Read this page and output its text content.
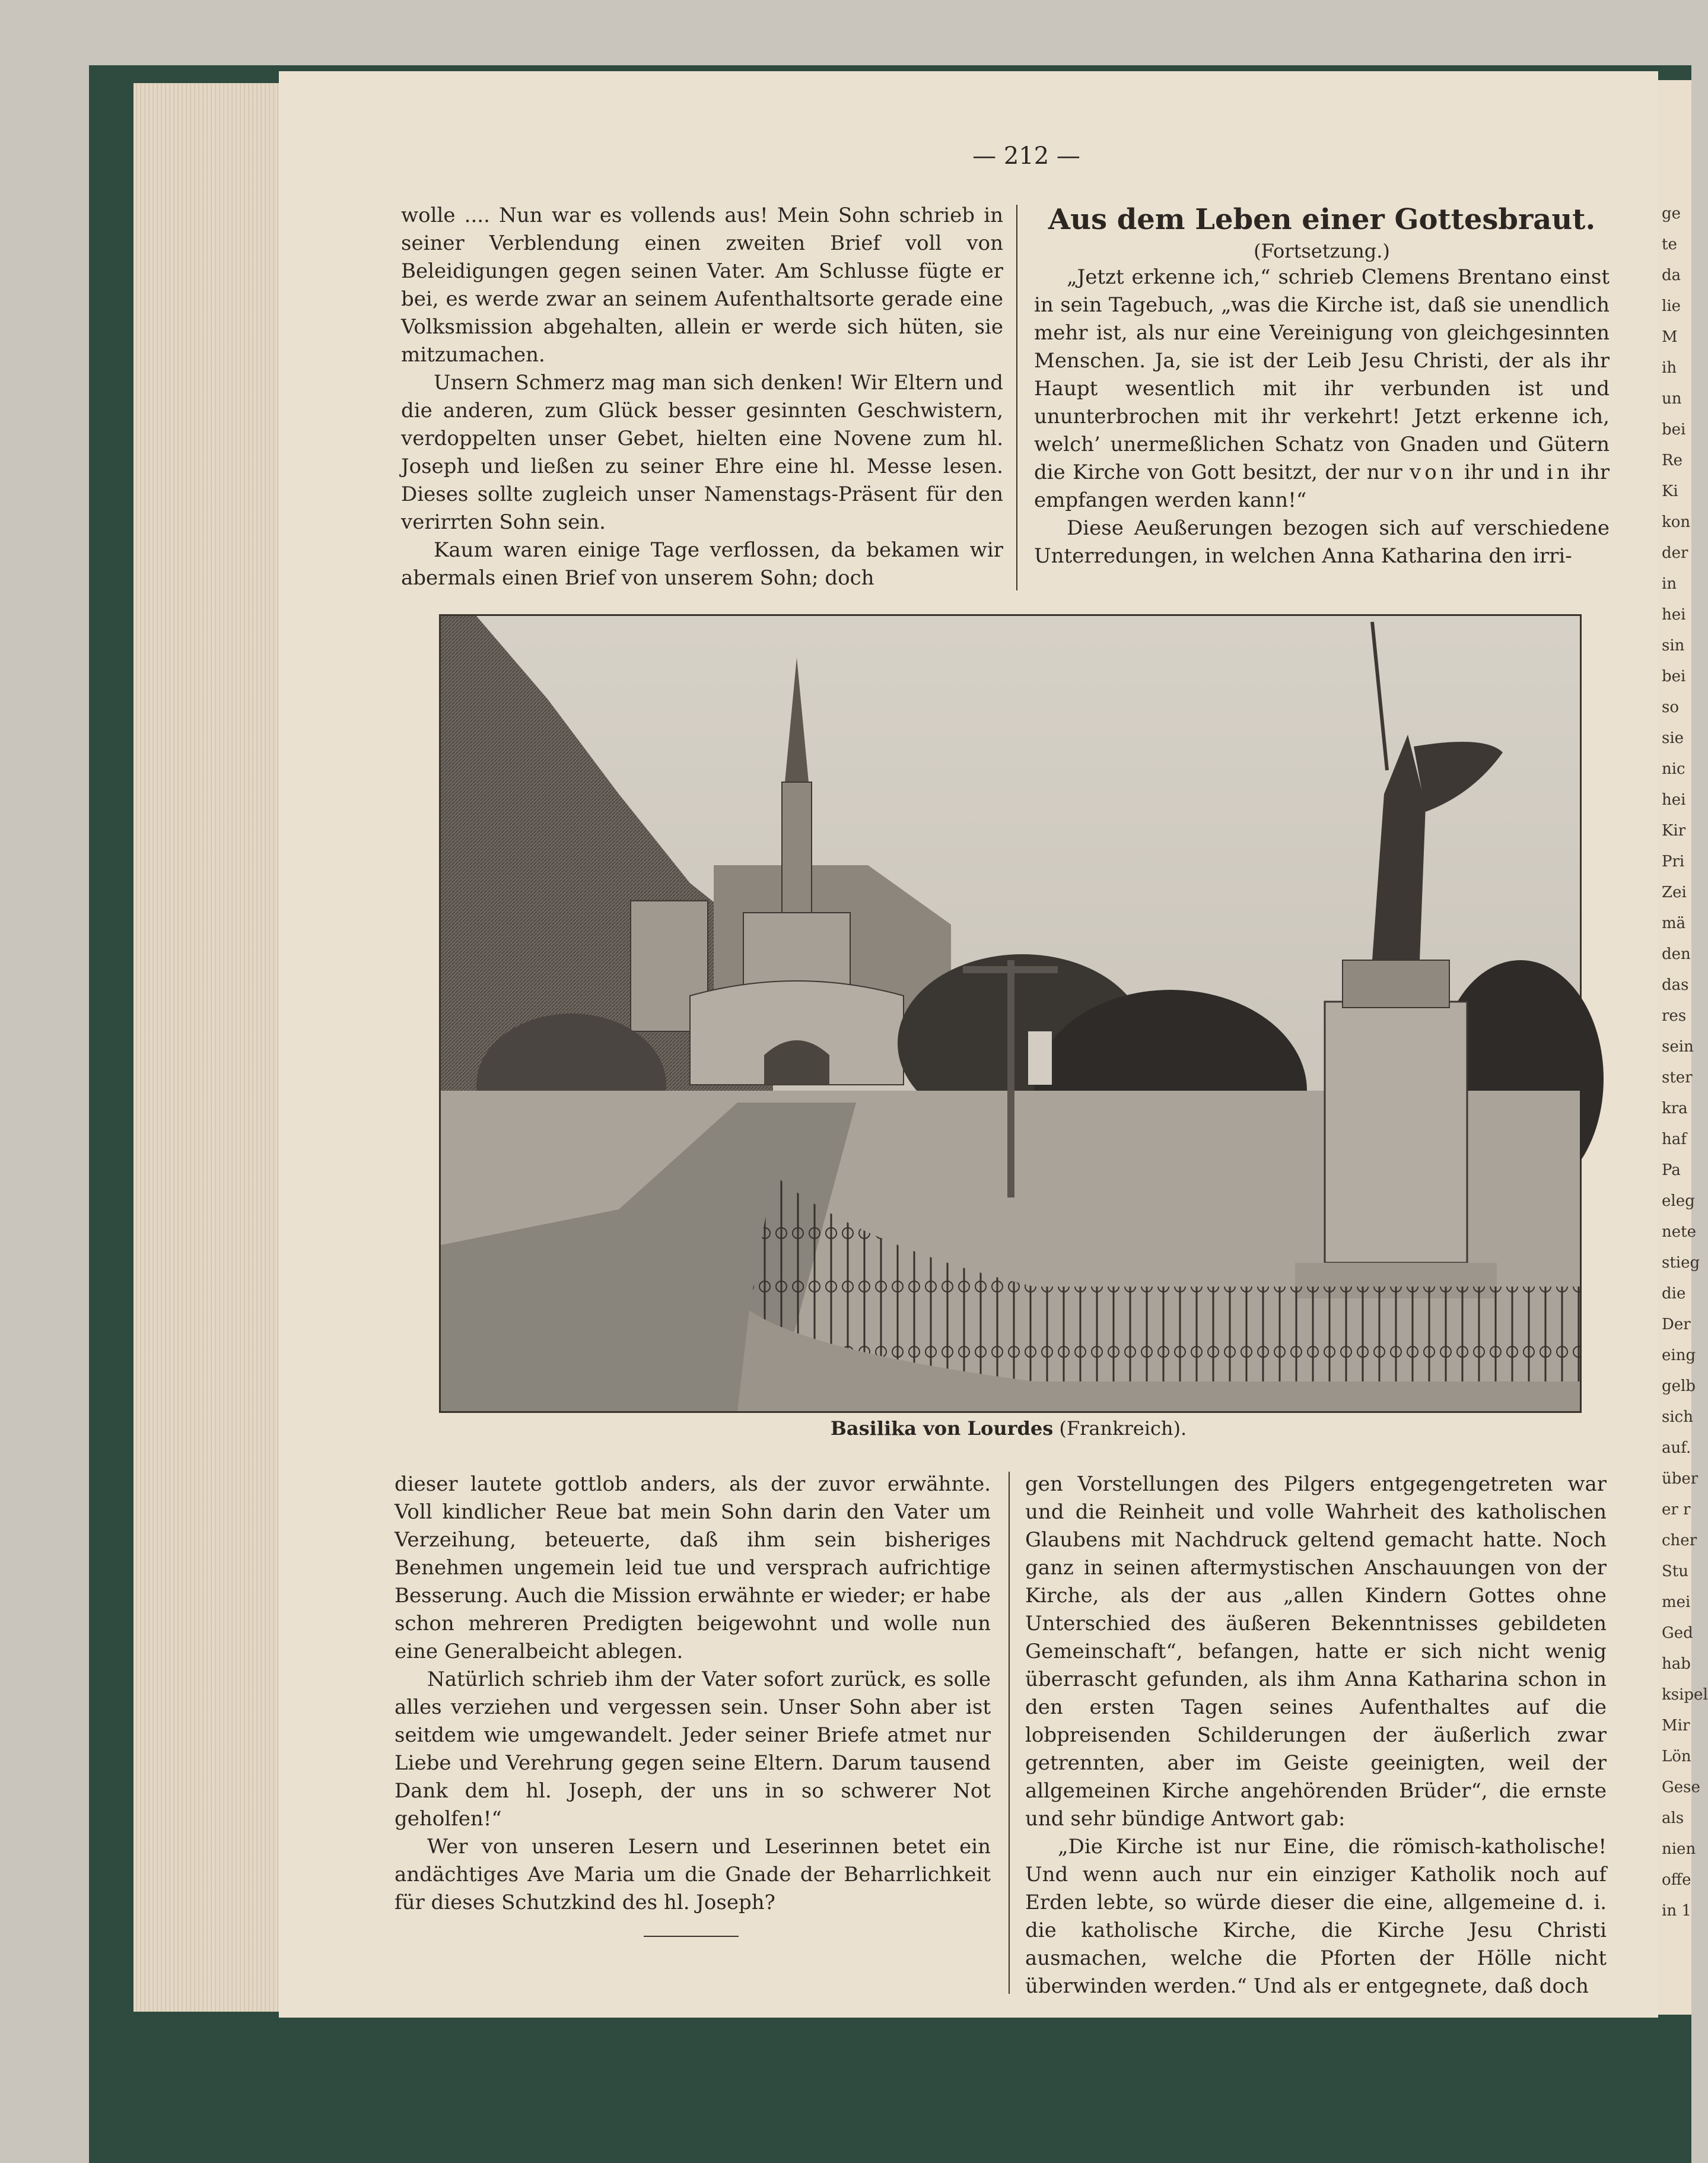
ge
te
da
lie
M
ih
un
bei
Re
Ki
kon
der
in
hei
sin
bei
so
sie
nic
hei
Kir
Pri
Zei
mä
den
das
res
sein
ster
kra
haf
Pa
eleg
nete
stieg
die
Der
eing
gelb
sich
auf.
über
er r
cher
Stu
mei
Ged
hab
ksipel
Mir
Lön
Gese
als
nien
offe
in 1
— 212 —

wolle .... Nun war es vollends aus! Mein Sohn schrieb in seiner Verblendung einen zweiten Brief voll von Beleidigungen gegen seinen Vater. Am Schlusse fügte er bei, es werde zwar an seinem Aufenthaltsorte gerade eine Volksmission abgehalten, allein er werde sich hüten, sie mitzumachen.

Unsern Schmerz mag man sich denken! Wir Eltern und die anderen, zum Glück besser gesinnten Geschwistern, verdoppelten unser Gebet, hielten eine Novene zum hl. Joseph und ließen zu seiner Ehre eine hl. Messe lesen. Dieses sollte zugleich unser Namenstags-Präsent für den verirrten Sohn sein.

Kaum waren einige Tage verflossen, da bekamen wir abermals einen Brief von unserem Sohn; doch

Aus dem Leben einer Gottesbraut.
(Fortsetzung.)

„Jetzt erkenne ich,“ schrieb Clemens Brentano einst in sein Tagebuch, „was die Kirche ist, daß sie unendlich mehr ist, als nur eine Vereinigung von gleichgesinnten Menschen. Ja, sie ist der Leib Jesu Christi, der als ihr Haupt wesentlich mit ihr verbunden ist und ununterbrochen mit ihr verkehrt! Jetzt erkenne ich, welch’ unermeßlichen Schatz von Gnaden und Gütern die Kirche von Gott besitzt, der nur von ihr und in ihr empfangen werden kann!“

Diese Aeußerungen bezogen sich auf verschiedene Unterredungen, in welchen Anna Katharina den irri-

Basilika von Lourdes (Frankreich).

dieser lautete gottlob anders, als der zuvor erwähnte. Voll kindlicher Reue bat mein Sohn darin den Vater um Verzeihung, beteuerte, daß ihm sein bisheriges Benehmen ungemein leid tue und versprach aufrichtige Besserung. Auch die Mission erwähnte er wieder; er habe schon mehreren Predigten beigewohnt und wolle nun eine Generalbeicht ablegen.

Natürlich schrieb ihm der Vater sofort zurück, es solle alles verziehen und vergessen sein. Unser Sohn aber ist seitdem wie umgewandelt. Jeder seiner Briefe atmet nur Liebe und Verehrung gegen seine Eltern. Darum tausend Dank dem hl. Joseph, der uns in so schwerer Not geholfen!“

Wer von unseren Lesern und Leserinnen betet ein andächtiges Ave Maria um die Gnade der Beharrlichkeit für dieses Schutzkind des hl. Joseph?

gen Vorstellungen des Pilgers entgegengetreten war und die Reinheit und volle Wahrheit des katholischen Glaubens mit Nachdruck geltend gemacht hatte. Noch ganz in seinen aftermystischen Anschauungen von der Kirche, als der aus „allen Kindern Gottes ohne Unterschied des äußeren Bekenntnisses gebildeten Gemeinschaft“, befangen, hatte er sich nicht wenig überrascht gefunden, als ihm Anna Katharina schon in den ersten Tagen seines Aufenthaltes auf die lobpreisenden Schilderungen der äußerlich zwar getrennten, aber im Geiste geeinigten, weil der allgemeinen Kirche angehörenden Brüder“, die ernste und sehr bündige Antwort gab:

„Die Kirche ist nur Eine, die römisch-katholische! Und wenn auch nur ein einziger Katholik noch auf Erden lebte, so würde dieser die eine, allgemeine d. i. die katholische Kirche, die Kirche Jesu Christi ausmachen, welche die Pforten der Hölle nicht überwinden werden.“ Und als er entgegnete, daß doch
